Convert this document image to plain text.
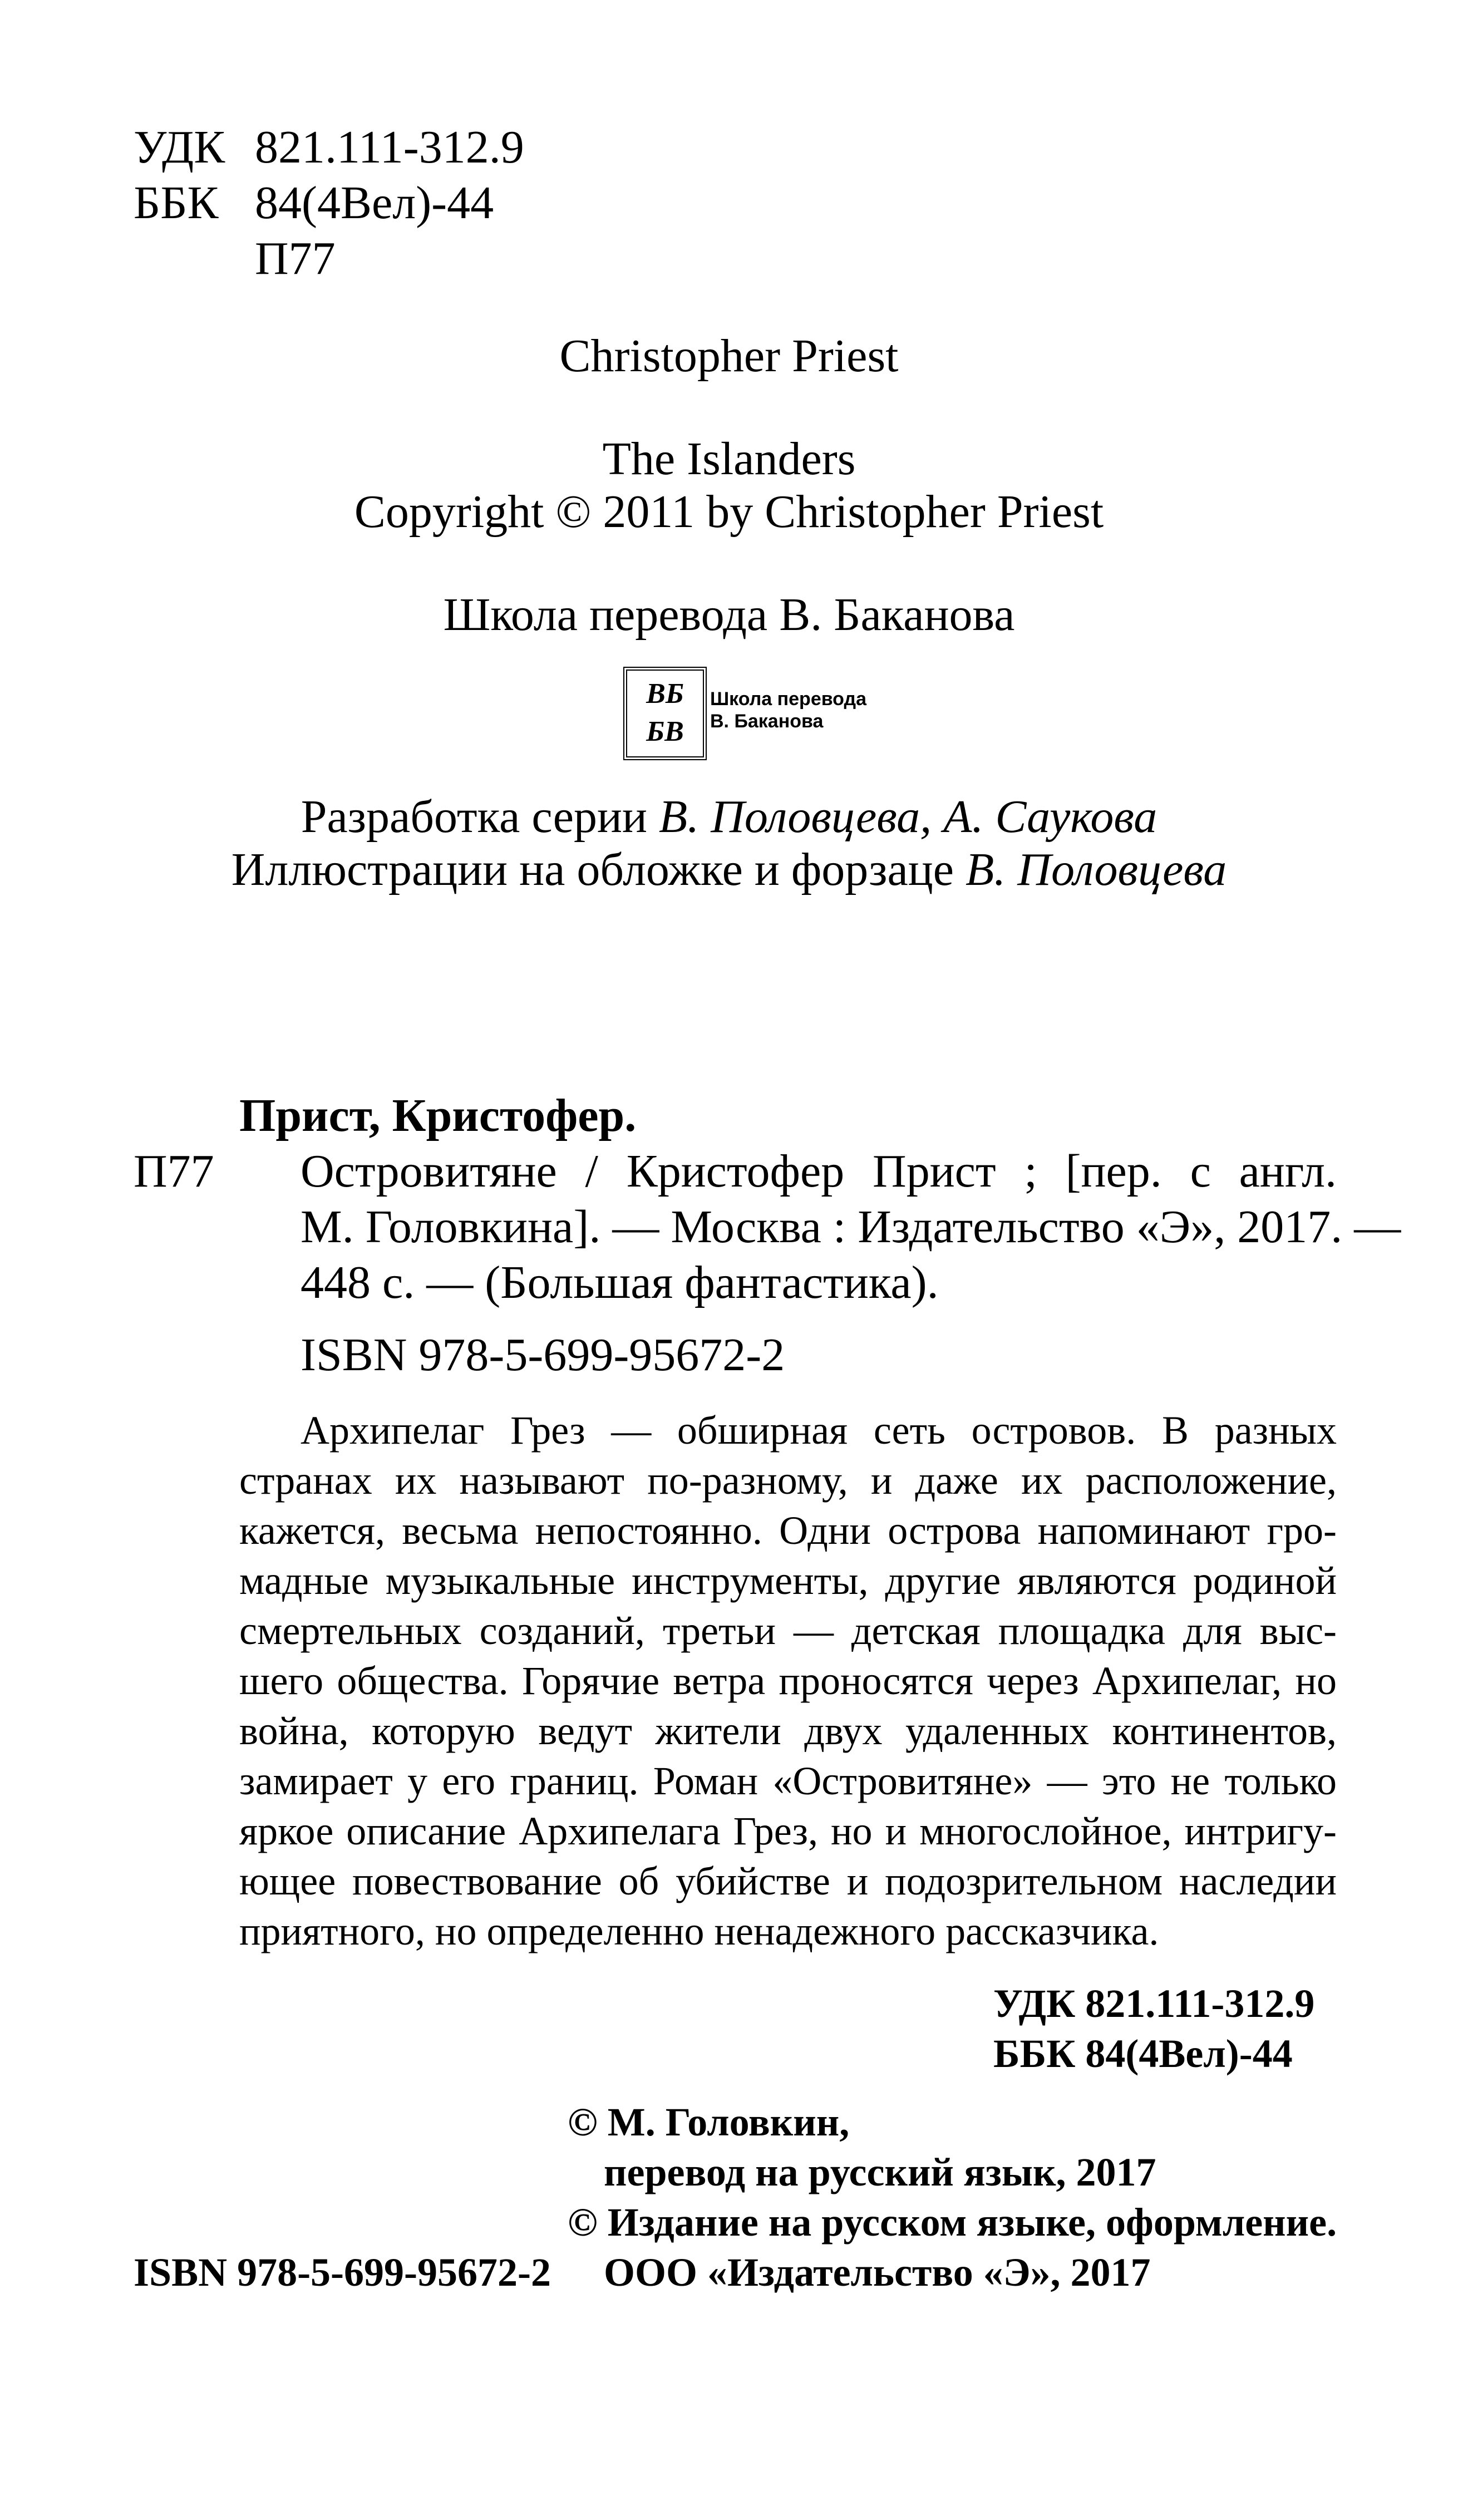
УДК 821.111-312.9
ББК 84(4Вел)-44
П77
Christopher Priest
The Islanders
Copyright © 2011 by Christopher Priest
Школа перевода В. Баканова
ВБ
БВ
Школа перевода
В. Баканова
Разработка серии В. Половцева, А. Саукова
Иллюстрации на обложке и форзаце В. Половцева
Прист, Кристофер.
П77 Островитяне / Кристофер Прист ; [пер. с англ.
М. Головкина]. — Москва : Издательство «Э», 2017. —
448 с. — (Большая фантастика).
ISBN 978-5-699-95672-2
Архипелаг Грез — обширная сеть островов. В разных
странах их называют по-разному, и даже их расположение,
кажется, весьма непостоянно. Одни острова напоминают гро-
мадные музыкальные инструменты, другие являются родиной
смертельных созданий, третьи — детская площадка для выс-
шего общества. Горячие ветра проносятся через Архипелаг, но
война, которую ведут жители двух удаленных континентов,
замирает у его границ. Роман «Островитяне» — это не только
яркое описание Архипелага Грез, но и многослойное, интригу-
ющее повествование об убийстве и подозрительном наследии
приятного, но определенно ненадежного рассказчика.
УДК 821.111-312.9
ББК 84(4Вел)-44
© М. Головкин,
перевод на русский язык, 2017
© Издание на русском языке, оформление.
ООО «Издательство «Э», 2017
ISBN 978-5-699-95672-2
